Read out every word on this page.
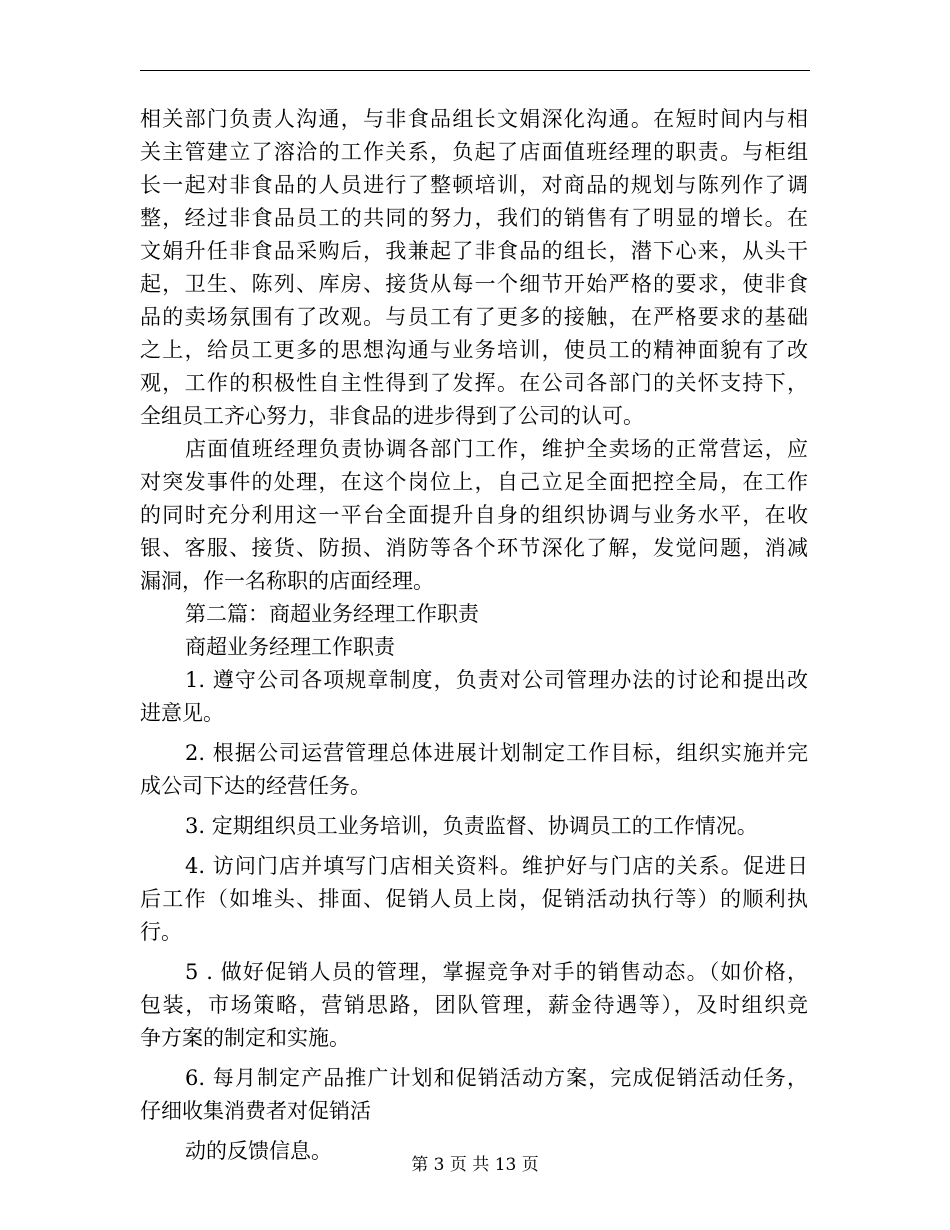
相关部门负责人沟通，与非食品组长文娟深化沟通。在短时间内与相
关主管建立了溶洽的工作关系，负起了店面值班经理的职责。与柜组
长一起对非食品的人员进行了整顿培训，对商品的规划与陈列作了调
整，经过非食品员工的共同的努力，我们的销售有了明显的增长。在
文娟升任非食品采购后，我兼起了非食品的组长，潜下心来，从头干
起，卫生、陈列、库房、接货从每一个细节开始严格的要求，使非食
品的卖场氛围有了改观。与员工有了更多的接触，在严格要求的基础
之上，给员工更多的思想沟通与业务培训，使员工的精神面貌有了改
观，工作的积极性自主性得到了发挥。在公司各部门的关怀支持下，
全组员工齐心努力，非食品的进步得到了公司的认可。
店面值班经理负责协调各部门工作，维护全卖场的正常营运，应
对突发事件的处理，在这个岗位上，自己立足全面把控全局，在工作
的同时充分利用这一平台全面提升自身的组织协调与业务水平，在收
银、客服、接货、防损、消防等各个环节深化了解，发觉问题，消减
漏洞，作一名称职的店面经理。
第二篇：商超业务经理工作职责
商超业务经理工作职责
1. 遵守公司各项规章制度，负责对公司管理办法的讨论和提出改
进意见。
2. 根据公司运营管理总体进展计划制定工作目标，组织实施并完
成公司下达的经营任务。
3. 定期组织员工业务培训，负责监督、协调员工的工作情况。
4. 访问门店并填写门店相关资料。维护好与门店的关系。促进日
后工作（如堆头、排面、促销人员上岗，促销活动执行等）的顺利执
行。
5 . 做好促销人员的管理，掌握竞争对手的销售动态。（如价格，
包装，市场策略，营销思路，团队管理，薪金待遇等），及时组织竞
争方案的制定和实施。
6. 每月制定产品推广计划和促销活动方案，完成促销活动任务，
仔细收集消费者对促销活
动的反馈信息。
第 3 页 共 13 页
